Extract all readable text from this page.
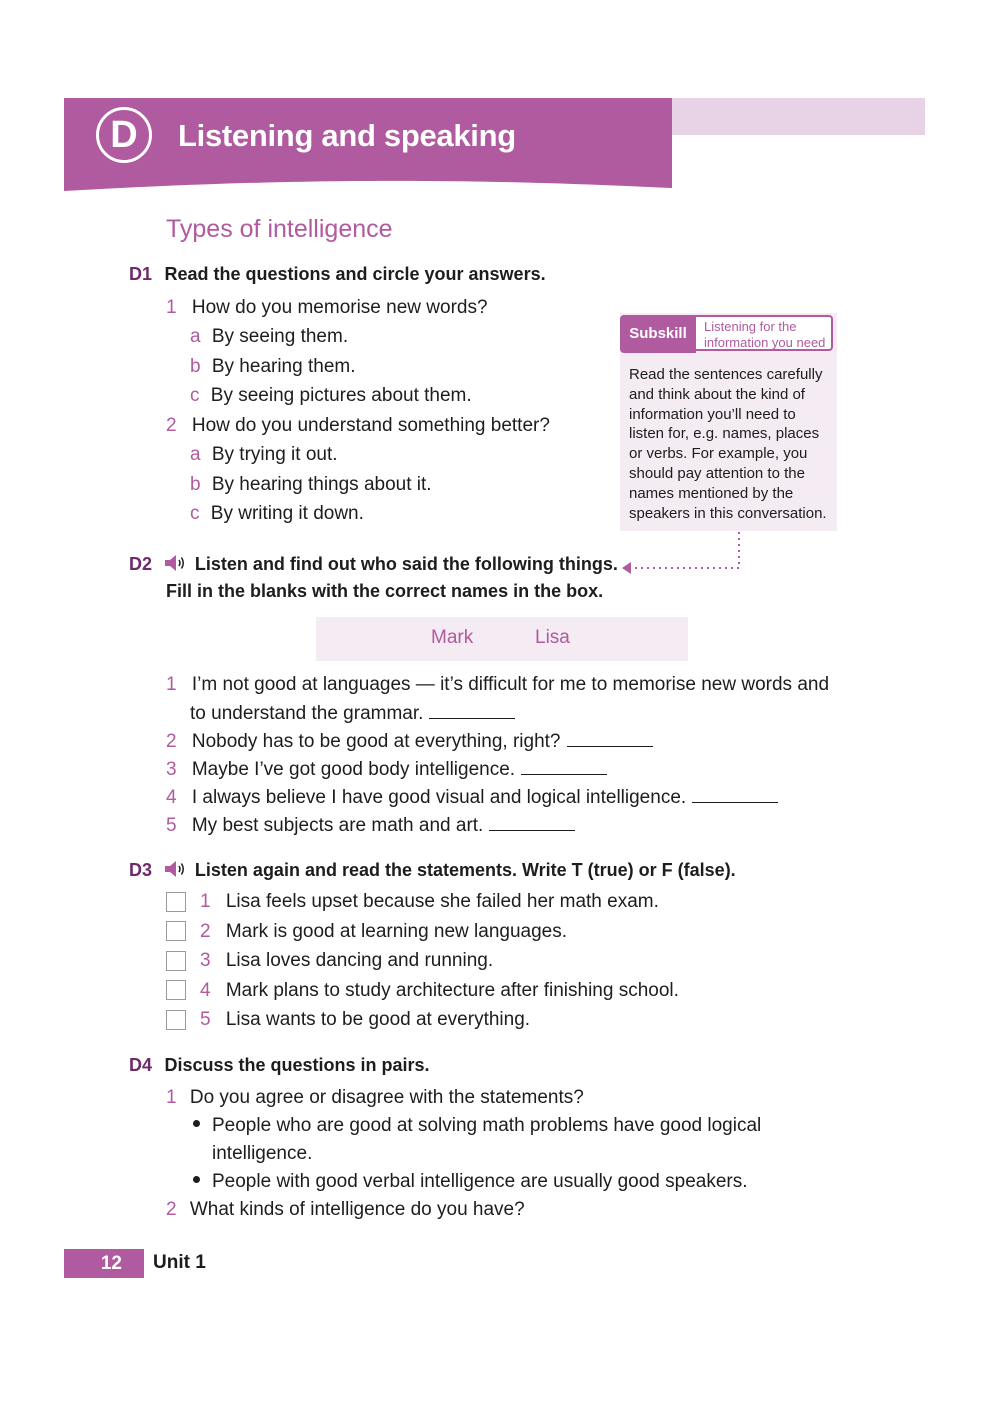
D	Listening and speaking
Types of intelligence
D1 Read the questions and circle your answers.
1 How do you memorise new words?
a By seeing them.
b By hearing them.
c By seeing pictures about them.
2 How do you understand something better?
a By trying it out.
b By hearing things about it.
c By writing it down.
Subskill	Listening for the
information you need
Read the sentences carefully
and think about the kind of
information you’ll need to
listen for, e.g. names, places
or verbs. For example, you
should pay attention to the
names mentioned by the
speakers in this conversation.
D2 Listen and find out who said the following things.
Fill in the blanks with the correct names in the box.
Mark	Lisa
1 I’m not good at languages — it’s difficult for me to memorise new words and
to understand the grammar.
2 Nobody has to be good at everything, right?
3 Maybe I’ve got good body intelligence.
4 I always believe I have good visual and logical intelligence.
5 My best subjects are math and art.
D3 Listen again and read the statements. Write T (true) or F (false).
1 Lisa feels upset because she failed her math exam.
2 Mark is good at learning new languages.
3 Lisa loves dancing and running.
4 Mark plans to study architecture after finishing school.
5 Lisa wants to be good at everything.
D4 Discuss the questions in pairs.
1 Do you agree or disagree with the statements?
People who are good at solving math problems have good logical
intelligence.
People with good verbal intelligence are usually good speakers.
2 What kinds of intelligence do you have?
12	Unit 1
